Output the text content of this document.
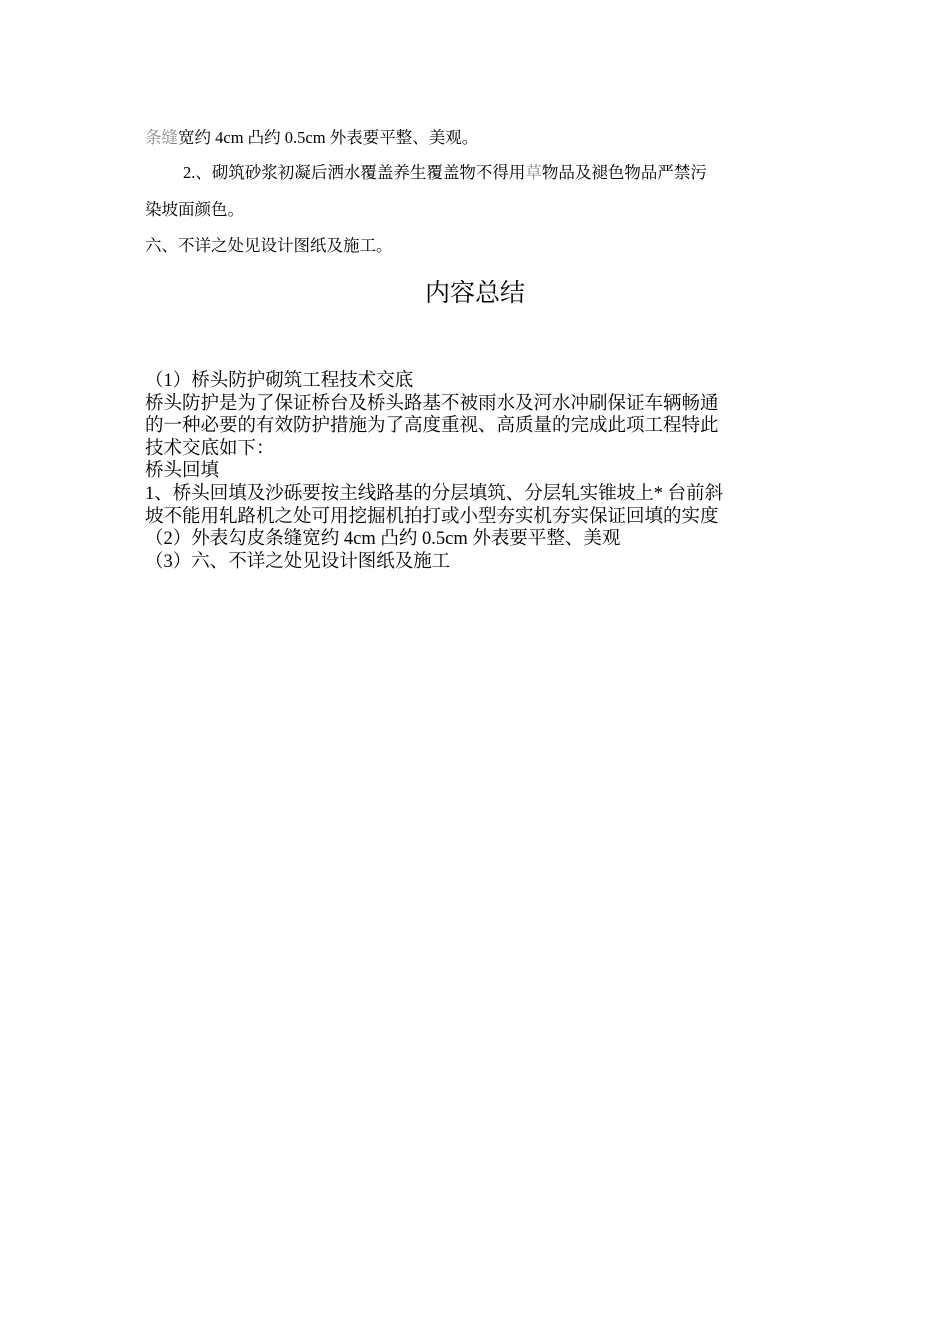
条缝宽约 4cm 凸约 0.5cm 外表要平整、美观。

2.、砌筑砂浆初凝后洒水覆盖养生覆盖物不得用草物品及褪色物品严禁污

染坡面颜色。

六、不详之处见设计图纸及施工。

内容总结
（1）桥头防护砌筑工程技术交底
桥头防护是为了保证桥台及桥头路基不被雨水及河水冲刷保证车辆畅通
的一种必要的有效防护措施为了高度重视、高质量的完成此项工程特此
技术交底如下：
桥头回填
1、桥头回填及沙砾要按主线路基的分层填筑、分层轧实锥坡上* 台前斜
坡不能用轧路机之处可用挖掘机拍打或小型夯实机夯实保证回填的实度
（2）外表勾皮条缝宽约 4cm 凸约 0.5cm 外表要平整、美观
（3）六、不详之处见设计图纸及施工
